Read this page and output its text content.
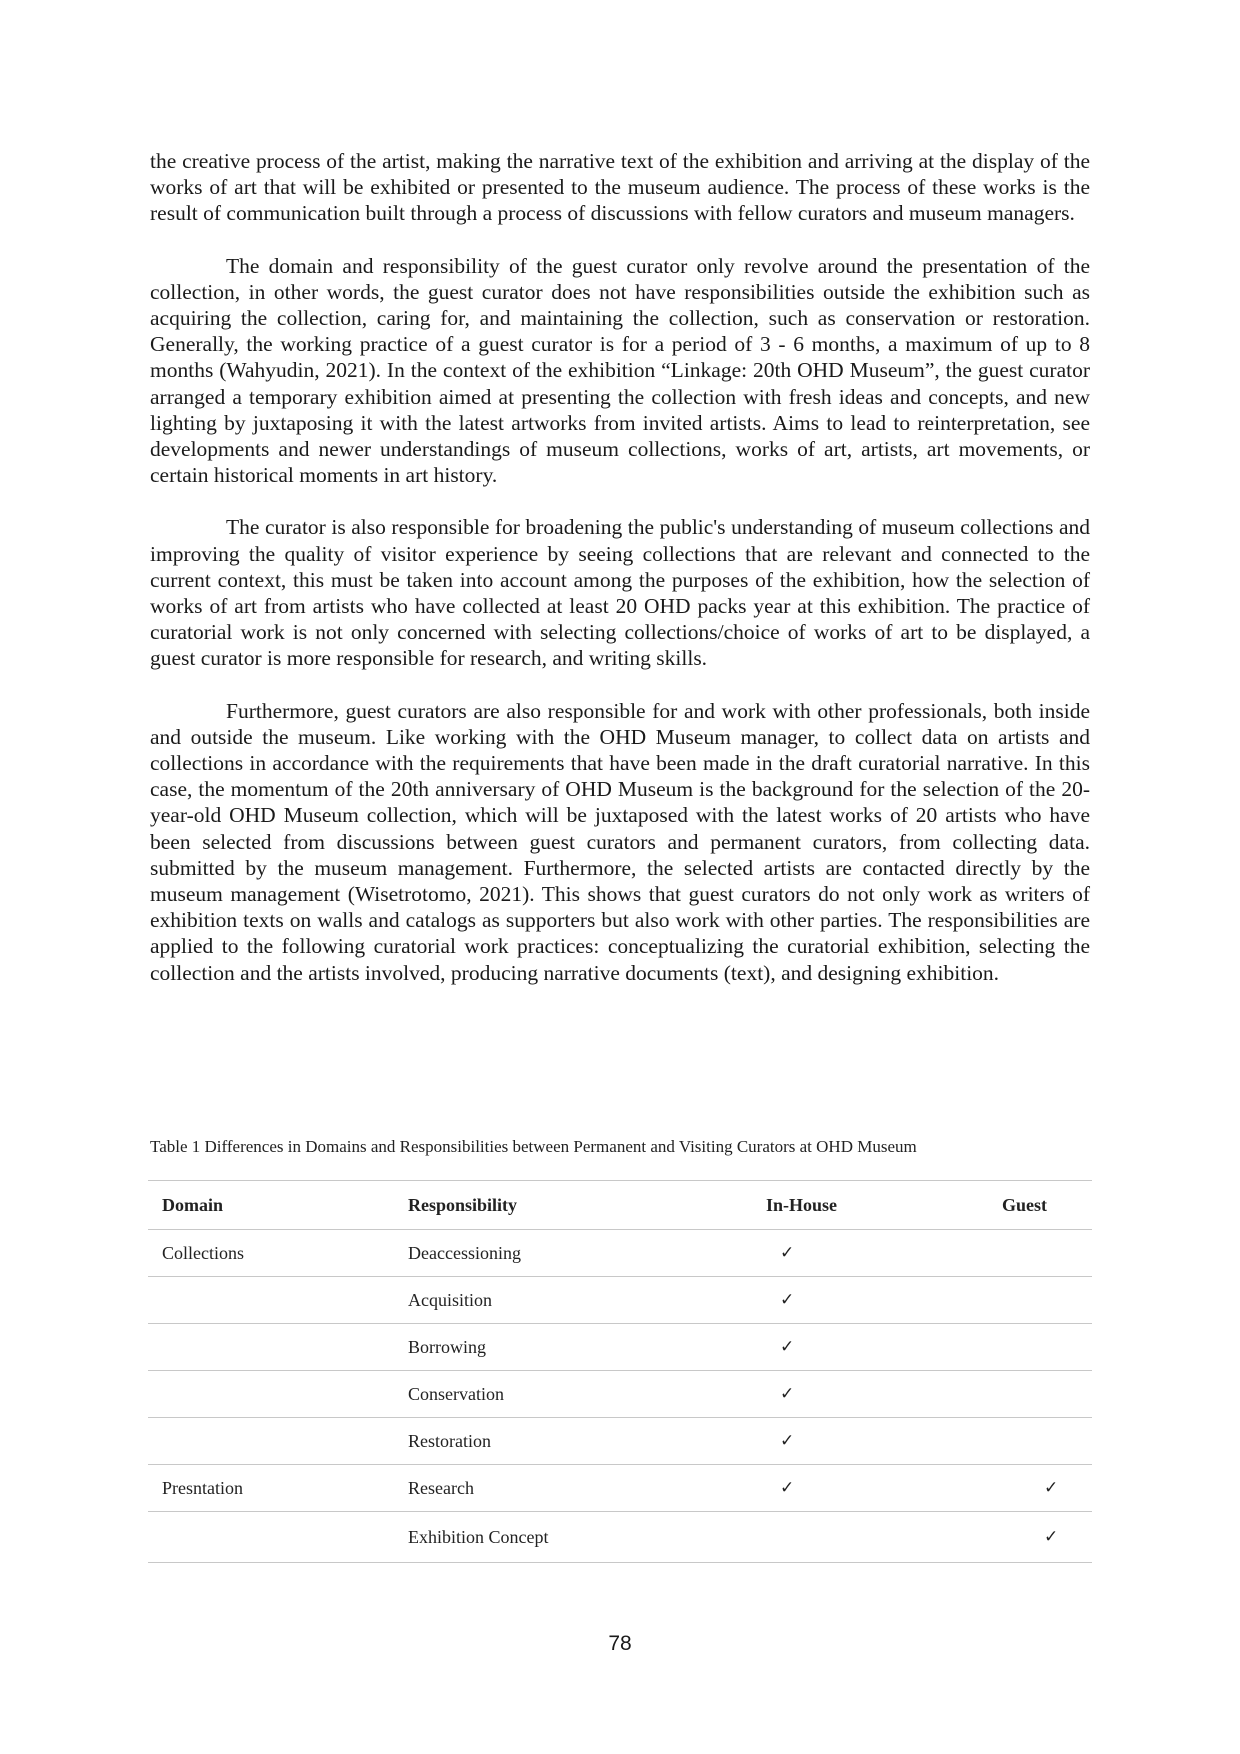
the creative process of the artist, making the narrative text of the exhibition and arriving at the display of the works of art that will be exhibited or presented to the museum audience. The process of these works is the result of communication built through a process of discussions with fellow curators and museum managers.

The domain and responsibility of the guest curator only revolve around the presentation of the collection, in other words, the guest curator does not have responsibilities outside the exhibition such as acquiring the collection, caring for, and maintaining the collection, such as conservation or restoration. Generally, the working practice of a guest curator is for a period of 3 - 6 months, a maximum of up to 8 months (Wahyudin, 2021). In the context of the exhibition “Linkage: 20th OHD Museum”, the guest curator arranged a temporary exhibition aimed at presenting the collection with fresh ideas and concepts, and new lighting by juxtaposing it with the latest artworks from invited artists. Aims to lead to reinterpretation, see developments and newer understandings of museum collections, works of art, artists, art movements, or certain historical moments in art history.

The curator is also responsible for broadening the public's understanding of museum collections and improving the quality of visitor experience by seeing collections that are relevant and connected to the current context, this must be taken into account among the purposes of the exhibition, how the selection of works of art from artists who have collected at least 20 OHD packs year at this exhibition. The practice of curatorial work is not only concerned with selecting collections/choice of works of art to be displayed, a guest curator is more responsible for research, and writing skills.

Furthermore, guest curators are also responsible for and work with other professionals, both inside and outside the museum. Like working with the OHD Museum manager, to collect data on artists and collections in accordance with the requirements that have been made in the draft curatorial narrative. In this case, the momentum of the 20th anniversary of OHD Museum is the background for the selection of the 20-year-old OHD Museum collection, which will be juxtaposed with the latest works of 20 artists who have been selected from discussions between guest curators and permanent curators, from collecting data. submitted by the museum management. Furthermore, the selected artists are contacted directly by the museum management (Wisetrotomo, 2021). This shows that guest curators do not only work as writers of exhibition texts on walls and catalogs as supporters but also work with other parties. The responsibilities are applied to the following curatorial work practices: conceptualizing the curatorial exhibition, selecting the collection and the artists involved, producing narrative documents (text), and designing exhibition.

Table 1 Differences in Domains and Responsibilities between Permanent and Visiting Curators at OHD Museum
Domain	Responsibility	In-House	Guest
Collections	Deaccessioning	✓	
	Acquisition	✓	
	Borrowing	✓	
	Conservation	✓	
	Restoration	✓	
Presntation	Research	✓	✓
	Exhibition Concept		✓
78
